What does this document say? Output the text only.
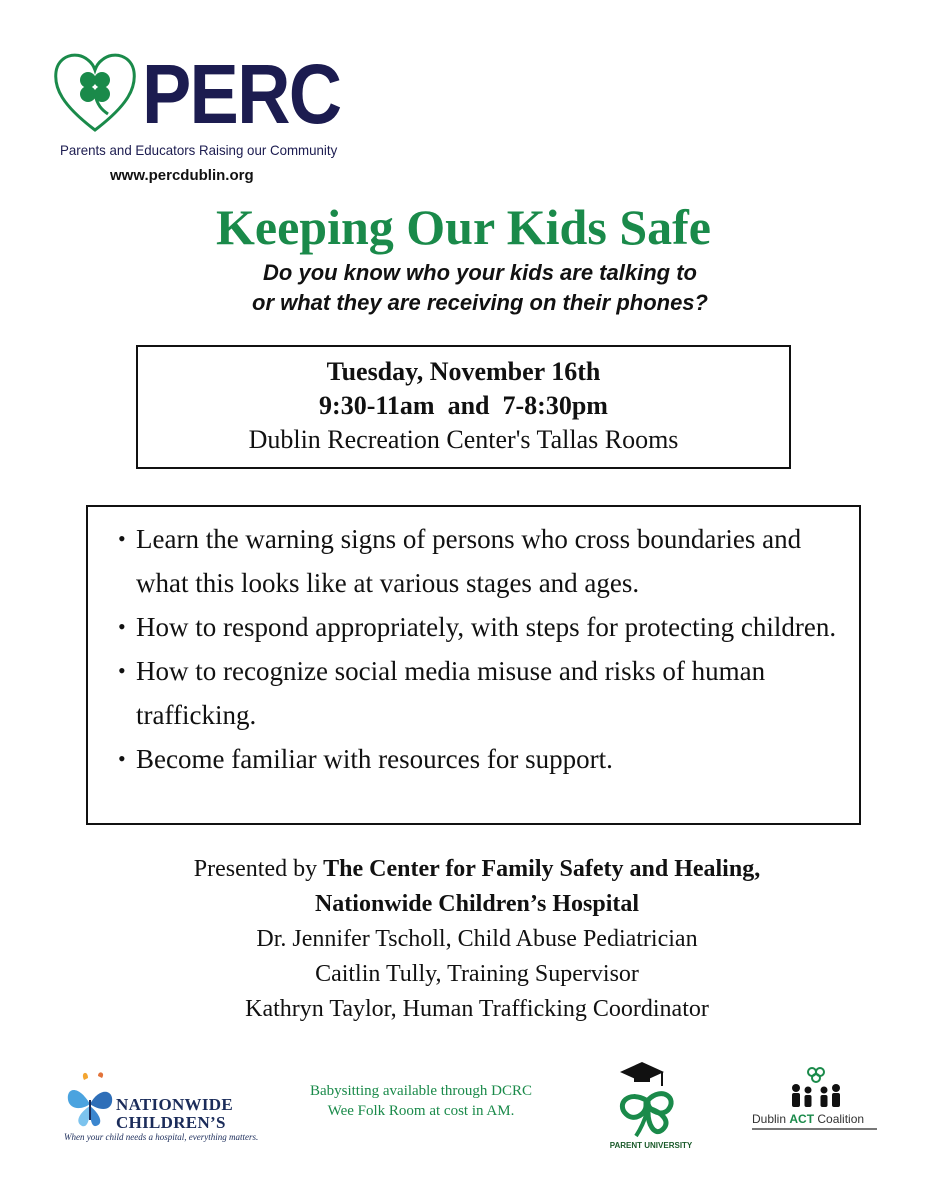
PERC
Parents and Educators Raising our Community
www.percdublin.org
Keeping Our Kids Safe
Do you know who your kids are talking to
or what they are receiving on their phones?
Tuesday, November 16th
9:30-11am  and  7-8:30pm
Dublin Recreation Center's Tallas Rooms
• Learn the warning signs of persons who cross boundaries and what this looks like at various stages and ages.
• How to respond appropriately, with steps for protecting children.
• How to recognize social media misuse and risks of human trafficking.
• Become familiar with resources for support.
Presented by The Center for Family Safety and Healing,
Nationwide Children’s Hospital
Dr. Jennifer Tscholl, Child Abuse Pediatrician
Caitlin Tully, Training Supervisor
Kathryn Taylor, Human Trafficking Coordinator
NATIONWIDE
CHILDREN’S
When your child needs a hospital, everything matters.
Babysitting available through DCRC
Wee Folk Room at cost in AM.
PARENT UNIVERSITY
Dublin ACT Coalition
